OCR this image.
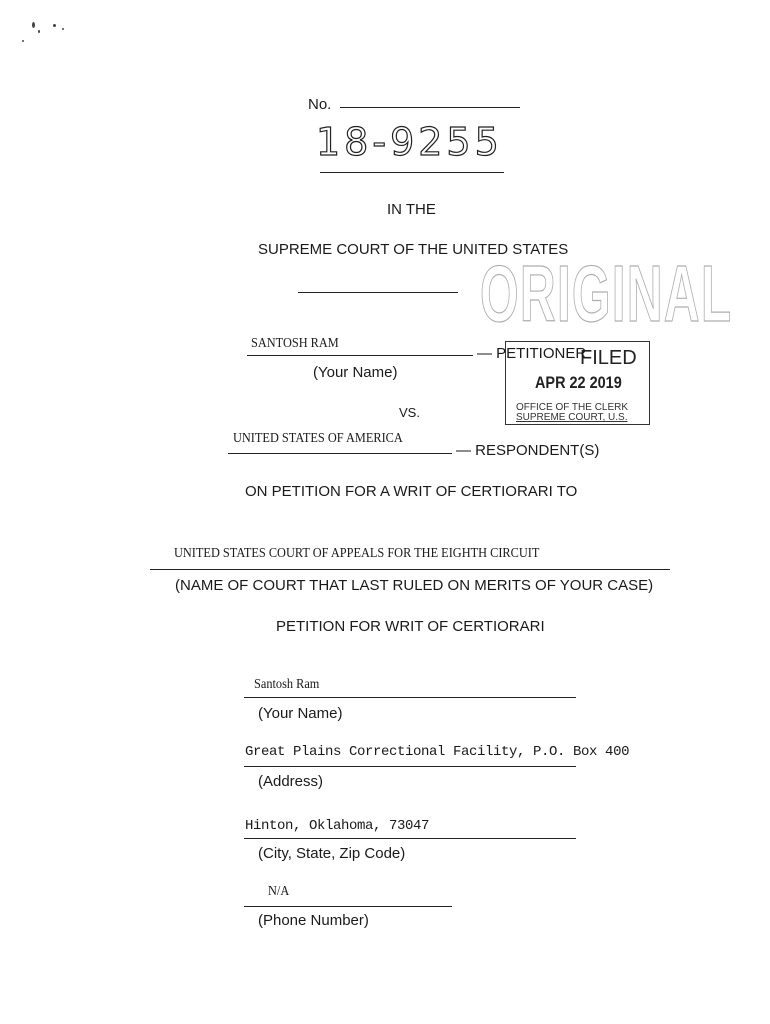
No.
18-9255
IN THE
SUPREME COURT OF THE UNITED STATES
ORIGINAL
FILED
APR 22 2019
OFFICE OF THE CLERK
SUPREME COURT, U.S.
SANTOSH RAM
— PETITIONER
(Your Name)
VS.
UNITED STATES OF AMERICA
— RESPONDENT(S)
ON PETITION FOR A WRIT OF CERTIORARI TO
UNITED STATES COURT OF APPEALS FOR THE EIGHTH CIRCUIT
(NAME OF COURT THAT LAST RULED ON MERITS OF YOUR CASE)
PETITION FOR WRIT OF CERTIORARI
Santosh Ram
(Your Name)
Great Plains Correctional Facility, P.O. Box 400
(Address)
Hinton, Oklahoma, 73047
(City, State, Zip Code)
N/A
(Phone Number)
